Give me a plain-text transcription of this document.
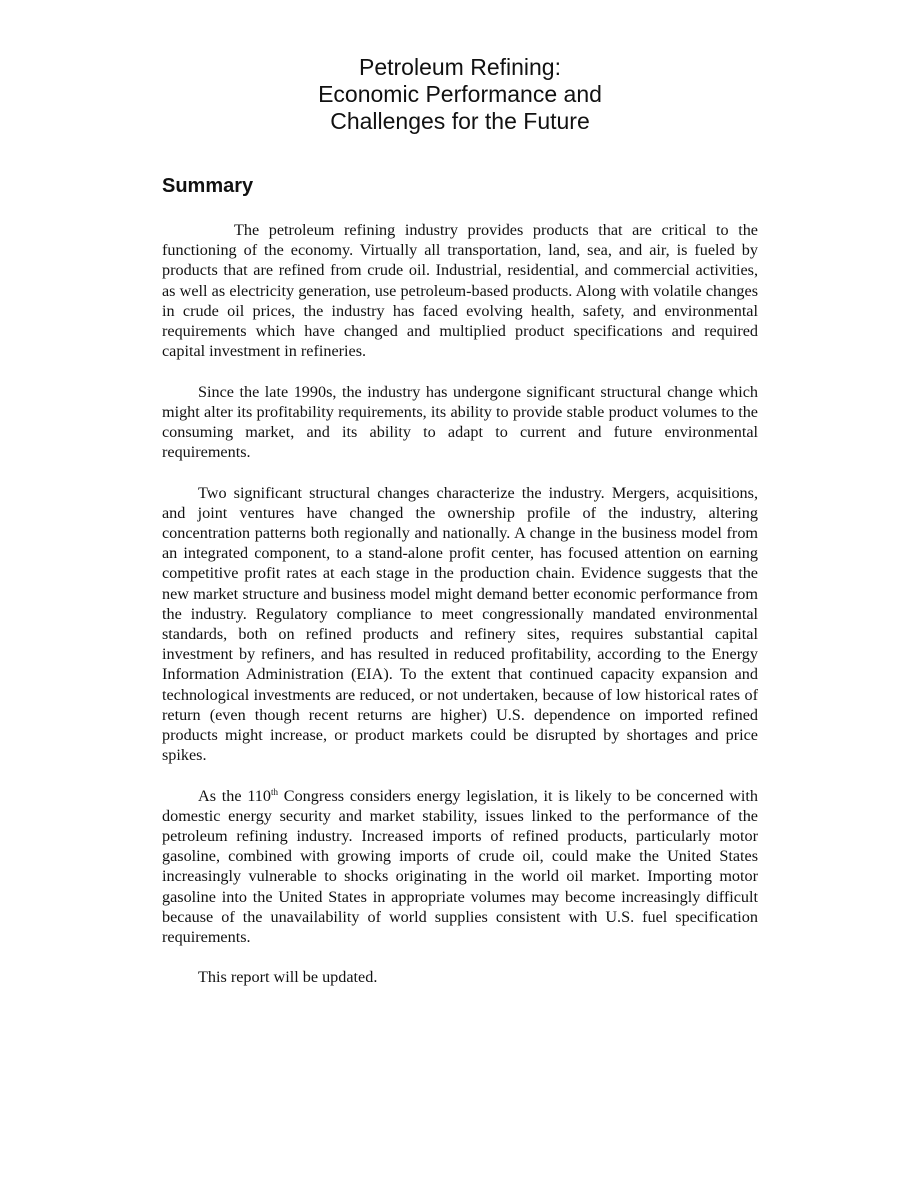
Petroleum Refining:
Economic Performance and
Challenges for the Future
Summary

The petroleum refining industry provides products that are critical to the functioning of the economy. Virtually all transportation, land, sea, and air, is fueled by products that are refined from crude oil. Industrial, residential, and commercial activities, as well as electricity generation, use petroleum-based products. Along with volatile changes in crude oil prices, the industry has faced evolving health, safety, and environmental requirements which have changed and multiplied product specifications and required capital investment in refineries.

Since the late 1990s, the industry has undergone significant structural change which might alter its profitability requirements, its ability to provide stable product volumes to the consuming market, and its ability to adapt to current and future environmental requirements.

Two significant structural changes characterize the industry. Mergers, acquisitions, and joint ventures have changed the ownership profile of the industry, altering concentration patterns both regionally and nationally. A change in the business model from an integrated component, to a stand-alone profit center, has focused attention on earning competitive profit rates at each stage in the production chain. Evidence suggests that the new market structure and business model might demand better economic performance from the industry. Regulatory compliance to meet congressionally mandated environmental standards, both on refined products and refinery sites, requires substantial capital investment by refiners, and has resulted in reduced profitability, according to the Energy Information Administration (EIA). To the extent that continued capacity expansion and technological investments are reduced, or not undertaken, because of low historical rates of return (even though recent returns are higher) U.S. dependence on imported refined products might increase, or product markets could be disrupted by shortages and price spikes.

As the 110th Congress considers energy legislation, it is likely to be concerned with domestic energy security and market stability, issues linked to the performance of the petroleum refining industry. Increased imports of refined products, particularly motor gasoline, combined with growing imports of crude oil, could make the United States increasingly vulnerable to shocks originating in the world oil market. Importing motor gasoline into the United States in appropriate volumes may become increasingly difficult because of the unavailability of world supplies consistent with U.S. fuel specification requirements.

This report will be updated.
